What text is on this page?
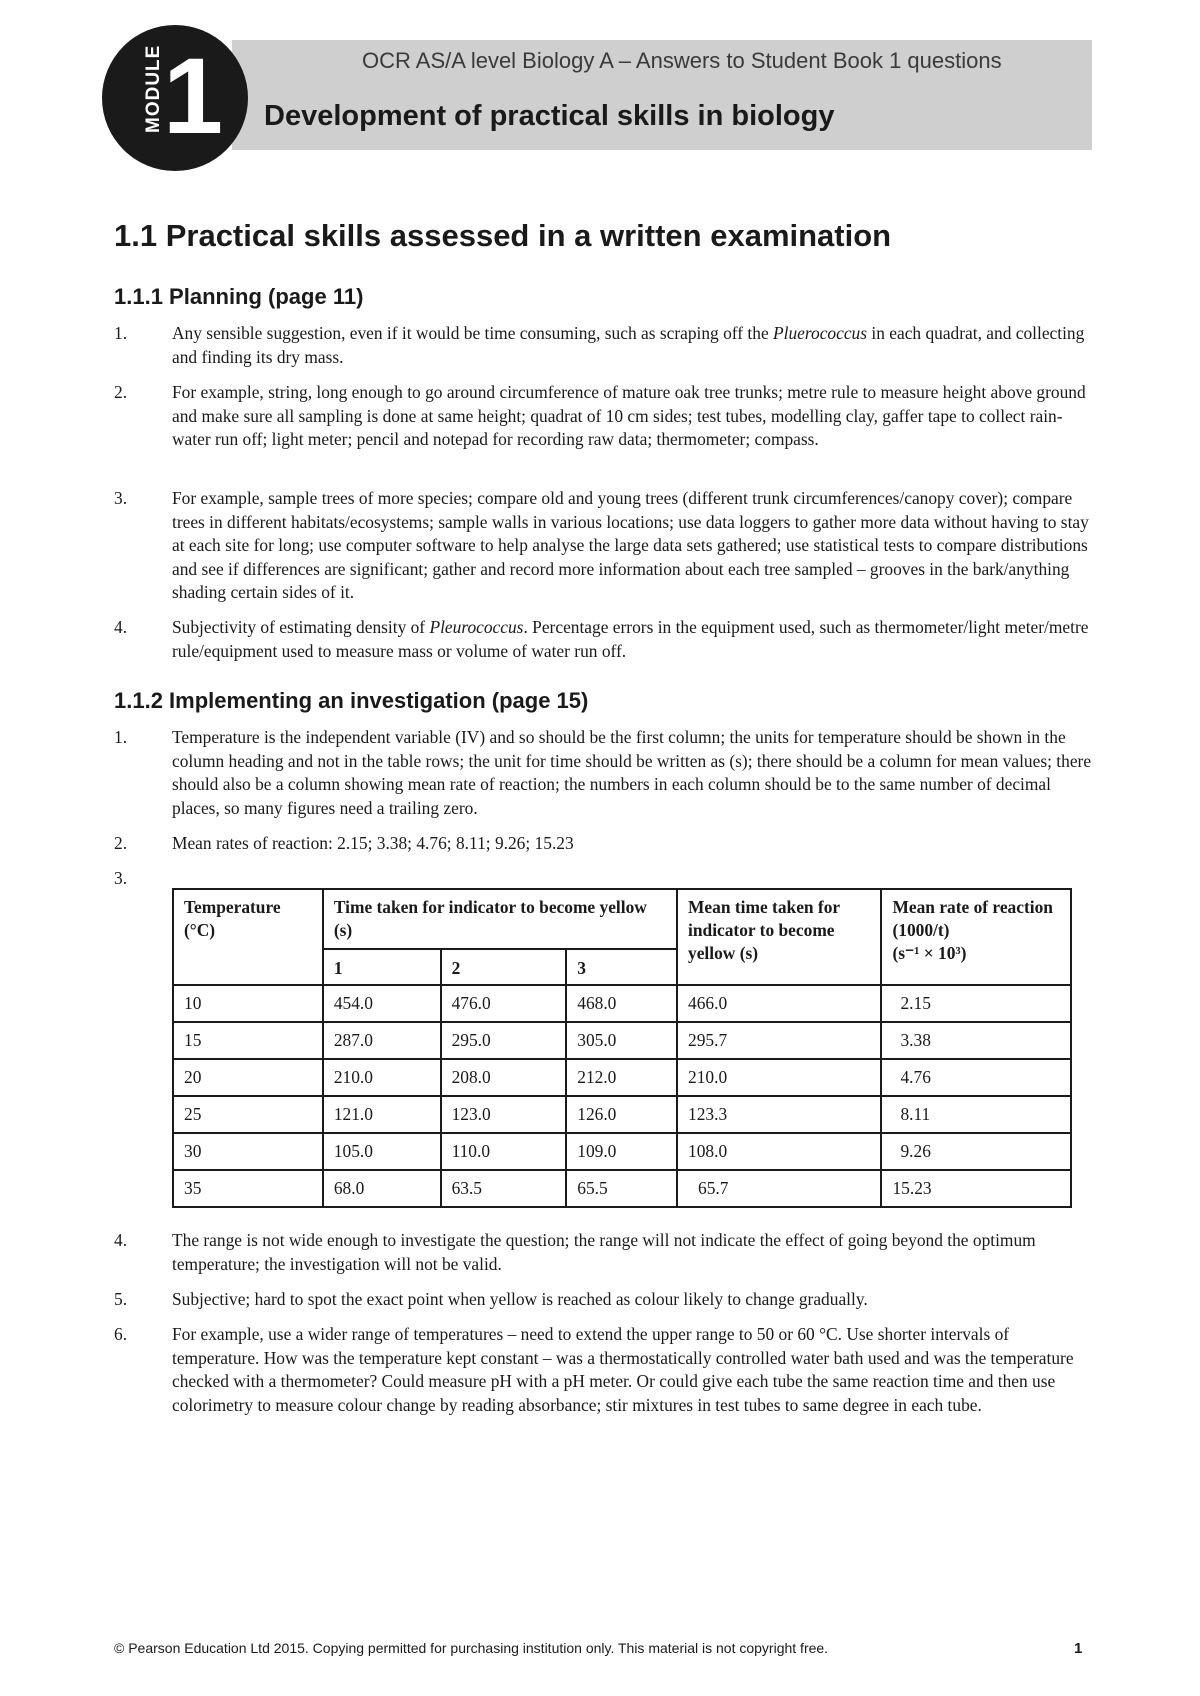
OCR AS/A level Biology A – Answers to Student Book 1 questions
Development of practical skills in biology
MODULE
1
1.1 Practical skills assessed in a written examination
1.1.1 Planning (page 11)
1.	Any sensible suggestion, even if it would be time consuming, such as scraping off the Pluerococcus in each quadrat, and collecting and finding its dry mass.
2.	For example, string, long enough to go around circumference of mature oak tree trunks; metre rule to measure height above ground and make sure all sampling is done at same height; quadrat of 10 cm sides; test tubes, modelling clay, gaffer tape to collect rain-water run off; light meter; pencil and notepad for recording raw data; thermometer; compass.
3.	For example, sample trees of more species; compare old and young trees (different trunk circumferences/canopy cover); compare trees in different habitats/ecosystems; sample walls in various locations; use data loggers to gather more data without having to stay at each site for long; use computer software to help analyse the large data sets gathered; use statistical tests to compare distributions and see if differences are significant; gather and record more information about each tree sampled – grooves in the bark/anything shading certain sides of it.
4.	Subjectivity of estimating density of Pleurococcus. Percentage errors in the equipment used, such as thermometer/light meter/metre rule/equipment used to measure mass or volume of water run off.
1.1.2 Implementing an investigation (page 15)
1.	Temperature is the independent variable (IV) and so should be the first column; the units for temperature should be shown in the column heading and not in the table rows; the unit for time should be written as (s); there should be a column for mean values; there should also be a column showing mean rate of reaction; the numbers in each column should be to the same number of decimal places, so many figures need a trailing zero.
2.	Mean rates of reaction: 2.15; 3.38; 4.76; 8.11; 9.26; 15.23
3.
Temperature (°C)	Time taken for indicator to become yellow (s)			Mean time taken for indicator to become yellow (s)	Mean rate of reaction (1000/t)
(s⁻¹ × 10³)
	1	2	3		
10	454.0	476.0	468.0	466.0	2.15
15	287.0	295.0	305.0	295.7	3.38
20	210.0	208.0	212.0	210.0	4.76
25	121.0	123.0	126.0	123.3	8.11
30	105.0	110.0	109.0	108.0	9.26
35	68.0	63.5	65.5	65.7	15.23
4.	The range is not wide enough to investigate the question; the range will not indicate the effect of going beyond the optimum temperature; the investigation will not be valid.
5.	Subjective; hard to spot the exact point when yellow is reached as colour likely to change gradually.
6.	For example, use a wider range of temperatures – need to extend the upper range to 50 or 60 °C. Use shorter intervals of temperature. How was the temperature kept constant – was a thermostatically controlled water bath used and was the temperature checked with a thermometer? Could measure pH with a pH meter. Or could give each tube the same reaction time and then use colorimetry to measure colour change by reading absorbance; stir mixtures in test tubes to same degree in each tube.
© Pearson Education Ltd 2015. Copying permitted for purchasing institution only. This material is not copyright free.	1
